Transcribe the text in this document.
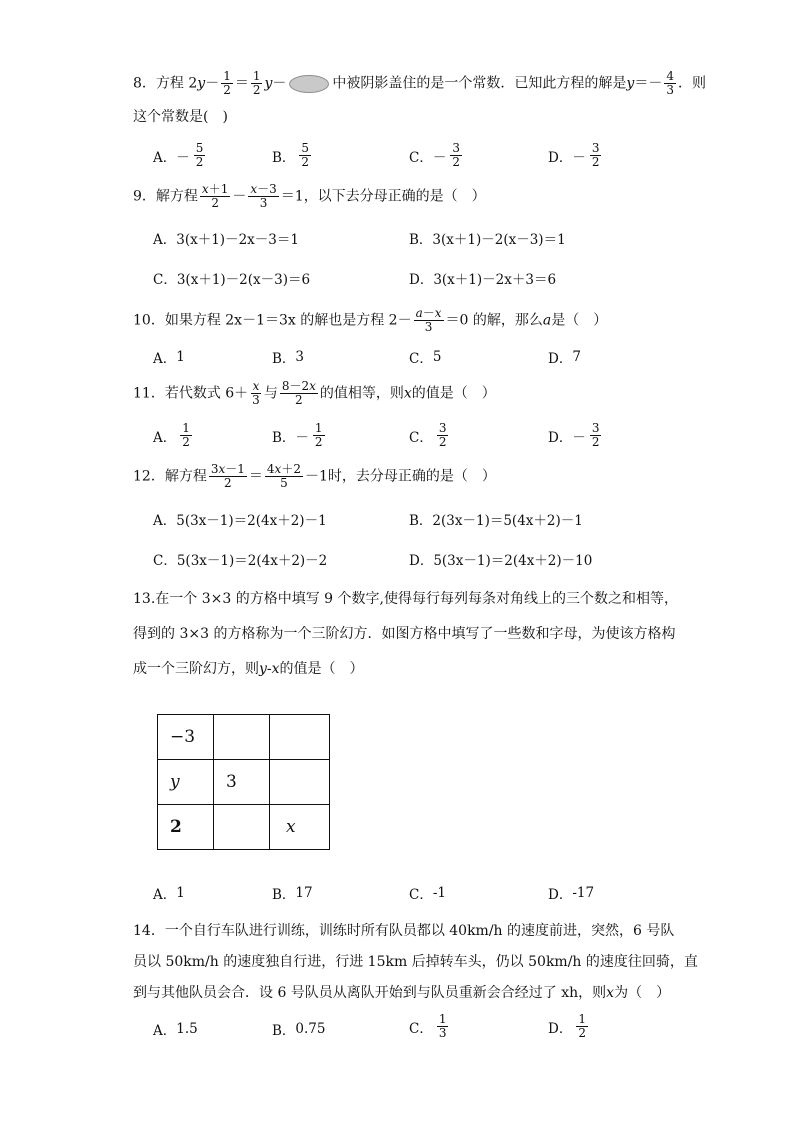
8．方程 $2y- \frac{1}{2} = \frac{1}{2} y-$	中被阴影盖住的是一个常数．已知此方程的解是$y=- \frac{4}{3}$ ．则
这个常数是(　)
A． － $\frac{5}{2}$	B． $\frac{5}{2}$	C． － $\frac{3}{2}$	D． － $\frac{3}{2}$
9．解方程 $\frac{x+1}{2} - \frac{x-3}{3} =1$，以下去分母正确的是（　）
A． 3(x＋1)－2x－3＝1	B． 3(x＋1)－2(x－3)＝1
C． 3(x＋1)－2(x－3)＝6	D． 3(x＋1)－2x＋3＝6
10．如果方程 2x－1＝3x 的解也是方程 $2- \frac{a-x}{3} =0$ 的解，那么a是（　）
A． 1	B． 3	C． 5	D． 7
11．若代数式 $6+ \frac{x}{3}$ 与 $\frac{8-2x}{2}$ 的值相等，则x的值是（　）
A． $\frac{1}{2}$	B． － $\frac{1}{2}$	C． $\frac{3}{2}$	D． － $\frac{3}{2}$
12．解方程 $\frac{3x-1}{2} = \frac{4x+2}{5} -1$时，去分母正确的是（　）
A． 5(3x－1)＝2(4x＋2)－1	B． 2(3x－1)＝5(4x＋2)－1
C． 5(3x－1)＝2(4x＋2)－2	D． 5(3x－1)＝2(4x＋2)－10
13.在一个 3×3 的方格中填写 9 个数字,使得每行每列每条对角线上的三个数之和相等，
得到的 3×3 的方格称为一个三阶幻方．如图方格中填写了一些数和字母，为使该方格构
成一个三阶幻方，则y-x的值是（　）
−3		
y	3	
2		x
A． 1	B． 17	C． -1	D． -17
14．一个自行车队进行训练，训练时所有队员都以 40km/h 的速度前进，突然，6 号队
员以 50km/h 的速度独自行进，行进 15km 后掉转车头，仍以 50km/h 的速度往回骑，直
到与其他队员会合．设 6 号队员从离队开始到与队员重新会合经过了 xh，则x为（　）
A． 1.5	B． 0.75	C． $\frac{1}{3}$	D． $\frac{1}{2}$
